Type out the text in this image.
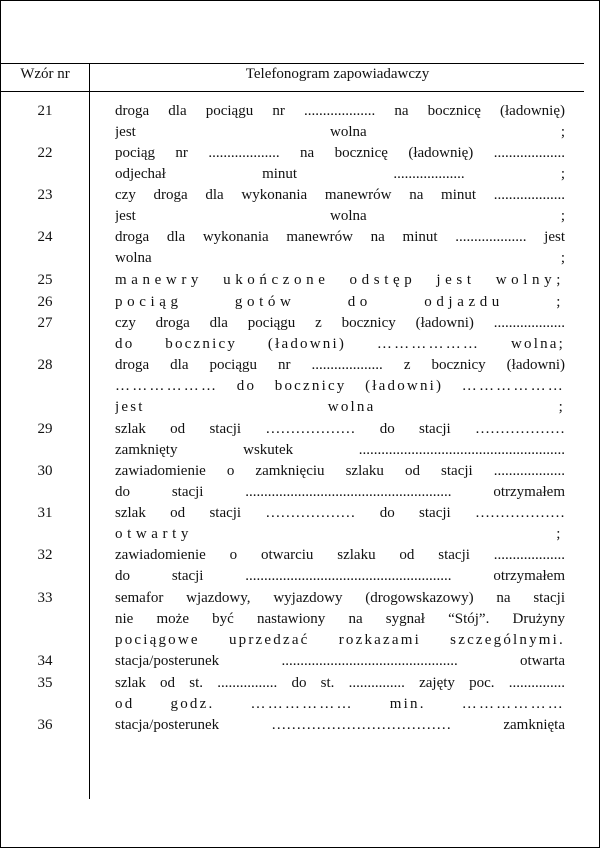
Wzór nr	Telefonogram zapowiadawczy
21	droga dla pociągu nr ................... na bocznicę (ładownię)
jest wolna ;
22	pociąg nr ................... na bocznicę (ładownię) ...................
odjechał minut ................... ;
23	czy droga dla wykonania manewrów na minut ...................
jest wolna ;
24	droga dla wykonania manewrów na minut ................... jest
wolna ;
25	manewry ukończone odstęp jest wolny;
26	pociąg gotów do odjazdu ;
27	czy droga dla pociągu z bocznicy (ładowni) ...................
do bocznicy (ładowni) ……………… wolna;
28	droga dla pociągu nr ................... z bocznicy (ładowni)
……………… do bocznicy (ładowni) ………………
jest wolna ;
29	szlak od stacji ……………… do stacji ………………
zamknięty wskutek .......................................................
30	zawiadomienie o zamknięciu szlaku od stacji ...................
do stacji ....................................................... otrzymałem
31	szlak od stacji ……………… do stacji ………………
otwarty ;
32	zawiadomienie o otwarciu szlaku od stacji ...................
do stacji ....................................................... otrzymałem
33	semafor wjazdowy, wyjazdowy (drogowskazowy) na stacji
nie może być nastawiony na sygnał “Stój”. Drużyny
pociągowe uprzedzać rozkazami szczególnymi.
34	stacja/posterunek ............................................... otwarta
35	szlak od st. ................ do st. ............... zajęty poc. ...............
od godz. ……………… min. ………………
36	stacja/posterunek ……………………………… zamknięta
